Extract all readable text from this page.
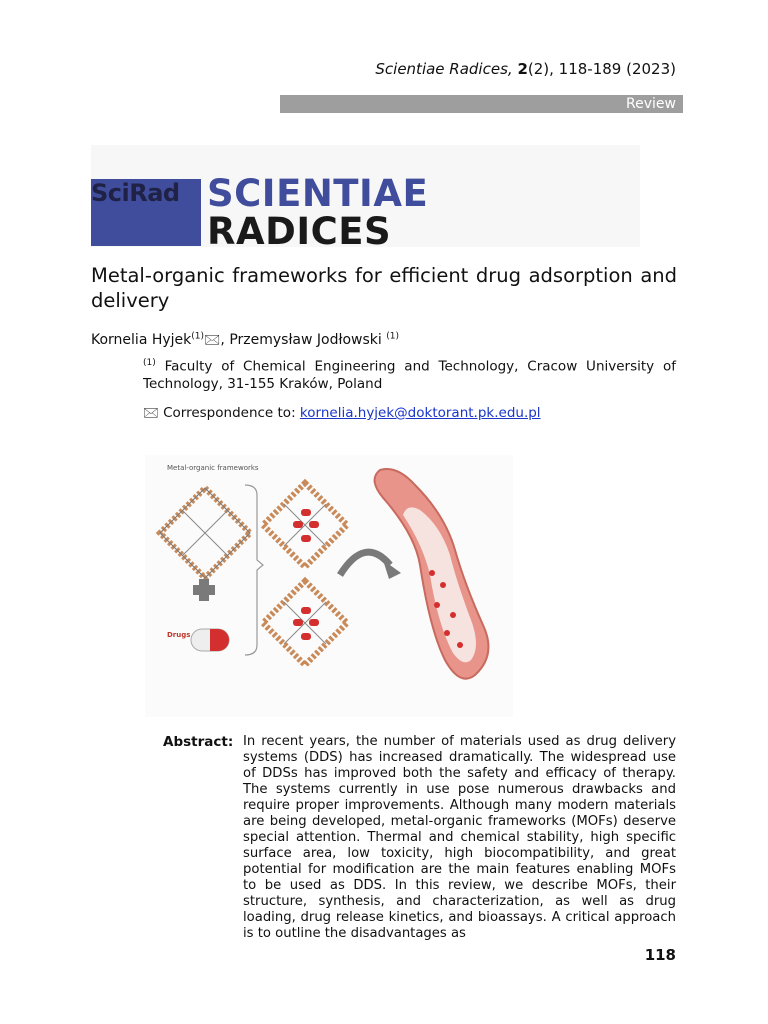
Scientiae Radices, 2(2), 118-189 (2023)
Review
SciRad SCIENTIAE
RADICES
Metal-organic frameworks for efficient drug adsorption and delivery
Kornelia Hyjek$^{(1)}$🖂, Przemysław Jodłowski $^{(1)}$
$^{(1)}$ Faculty of Chemical Engineering and Technology, Cracow University of Technology, 31-155 Kraków, Poland
🖂 Correspondence to: kornelia.hyjek@doktorant.pk.edu.pl
Metal-organic frameworks
Drugs
Abstract: In recent years, the number of materials used as drug delivery systems (DDS) has increased dramatically. The widespread use of DDSs has improved both the safety and efficacy of therapy. The systems currently in use pose numerous drawbacks and require proper improvements. Although many modern materials are being developed, metal-organic frameworks (MOFs) deserve special attention. Thermal and chemical stability, high specific surface area, low toxicity, high biocompatibility, and great potential for modification are the main features enabling MOFs to be used as DDS. In this review, we describe MOFs, their structure, synthesis, and characterization, as well as drug loading, drug release kinetics, and bioassays. A critical approach is to outline the disadvantages as
118
